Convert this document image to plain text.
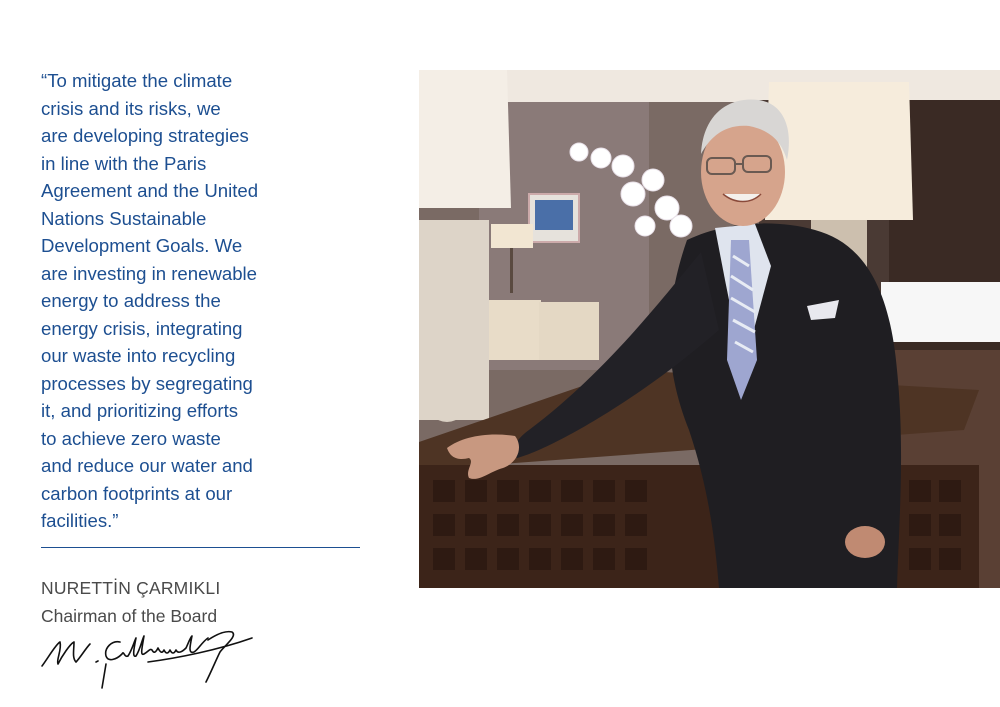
“To mitigate the climate
crisis and its risks, we
are developing strategies
in line with the Paris
Agreement and the United
Nations Sustainable
Development Goals. We
are investing in renewable
energy to address the
energy crisis, integrating
our waste into recycling
processes by segregating
it, and prioritizing efforts
to achieve zero waste
and reduce our water and
carbon footprints at our
facilities.”

NURETTİN ÇARMIKLI
Chairman of the Board
